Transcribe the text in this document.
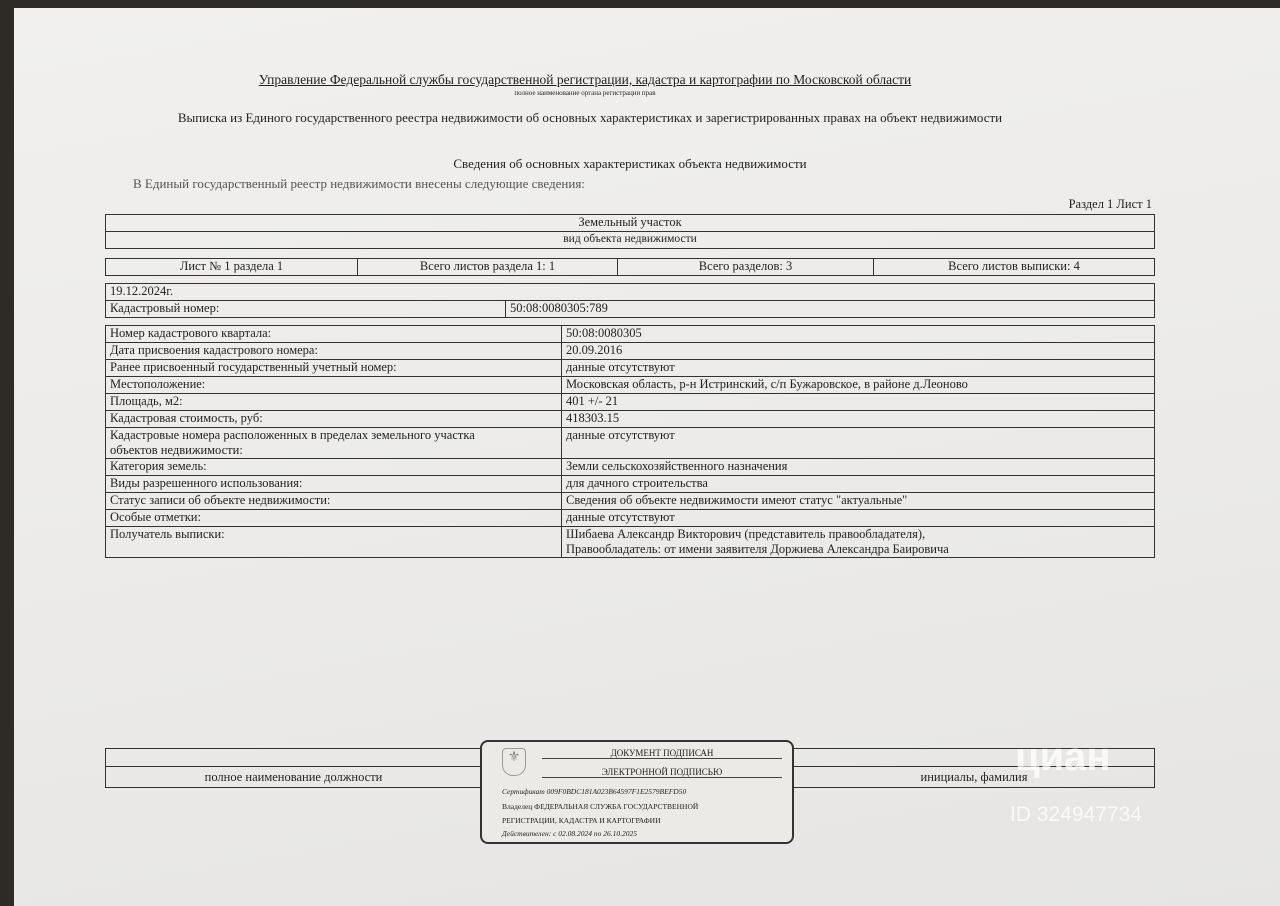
Управление Федеральной службы государственной регистрации, кадастра и картографии по Московской области
полное наименование органа регистрации прав
Выписка из Единого государственного реестра недвижимости об основных характеристиках и зарегистрированных правах на объект недвижимости
Сведения об основных характеристиках объекта недвижимости
В Единый государственный реестр недвижимости внесены следующие сведения:
Раздел 1 Лист 1
Земельный участок
вид объекта недвижимости
Лист № 1 раздела 1	Всего листов раздела 1: 1	Всего разделов: 3	Всего листов выписки: 4
19.12.2024г.
Кадастровый номер:	50:08:0080305:789
Номер кадастрового квартала:	50:08:0080305
Дата присвоения кадастрового номера:	20.09.2016
Ранее присвоенный государственный учетный номер:	данные отсутствуют
Местоположение:	Московская область, р-н Истринский, с/п Бужаровское, в районе д.Леоново
Площадь, м2:	401 +/- 21
Кадастровая стоимость, руб:	418303.15
Кадастровые номера расположенных в пределах земельного участка объектов недвижимости:	данные отсутствуют
Категория земель:	Земли сельскохозяйственного назначения
Виды разрешенного использования:	для дачного строительства
Статус записи об объекте недвижимости:	Сведения об объекте недвижимости имеют статус "актуальные"
Особые отметки:	данные отсутствуют
Получатель выписки:	Шибаева Александр Викторович (представитель правообладателя), Правообладатель: от имени заявителя Доржиева Александра Баировича

полное наименование должности		инициалы, фамилия
⚜	ДОКУМЕНТ ПОДПИСАН
ЭЛЕКТРОННОЙ ПОДПИСЬЮ
Сертификат 009F0BDC181A023B64597F1E2579BEFD50
Владелец ФЕДЕРАЛЬНАЯ СЛУЖБА ГОСУДАРСТВЕННОЙ РЕГИСТРАЦИИ, КАДАСТРА И КАРТОГРАФИИ
Действителен: с 02.08.2024 по 26.10.2025
циан
ID 324947734
